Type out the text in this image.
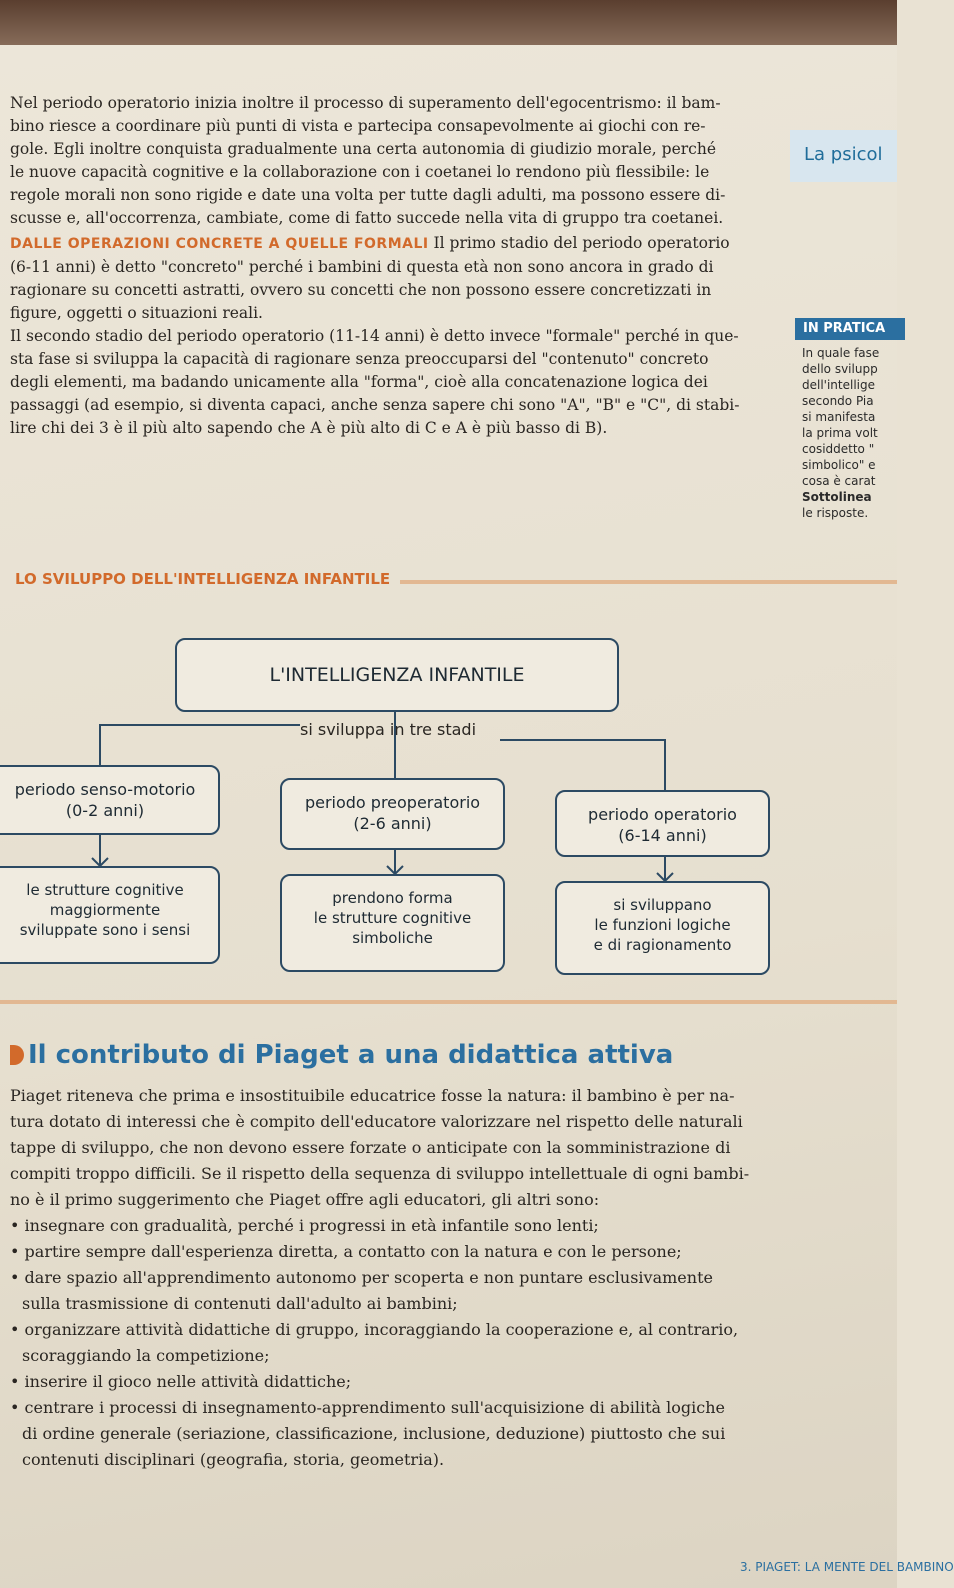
La psicol
Nel periodo operatorio inizia inoltre il processo di superamento dell'egocentrismo: il bam-
bino riesce a coordinare più punti di vista e partecipa consapevolmente ai giochi con re-
gole. Egli inoltre conquista gradualmente una certa autonomia di giudizio morale, perché
le nuove capacità cognitive e la collaborazione con i coetanei lo rendono più flessibile: le
regole morali non sono rigide e date una volta per tutte dagli adulti, ma possono essere di-
scusse e, all'occorrenza, cambiate, come di fatto succede nella vita di gruppo tra coetanei.
DALLE OPERAZIONI CONCRETE A QUELLE FORMALI Il primo stadio del periodo operatorio
(6-11 anni) è detto "concreto" perché i bambini di questa età non sono ancora in grado di
ragionare su concetti astratti, ovvero su concetti che non possono essere concretizzati in
figure, oggetti o situazioni reali.
Il secondo stadio del periodo operatorio (11-14 anni) è detto invece "formale" perché in que-
sta fase si sviluppa la capacità di ragionare senza preoccuparsi del "contenuto" concreto
degli elementi, ma badando unicamente alla "forma", cioè alla concatenazione logica dei
passaggi (ad esempio, si diventa capaci, anche senza sapere chi sono "A", "B" e "C", di stabi-
lire chi dei 3 è il più alto sapendo che A è più alto di C e A è più basso di B).
IN PRATICA
In quale fase
dello svilupp
dell'intellige
secondo Pia
si manifesta
la prima volt
cosiddetto "
simbolico" e
cosa è carat
Sottolinea
le risposte.
LO SVILUPPO DELL'INTELLIGENZA INFANTILE
L'INTELLIGENZA INFANTILE
si sviluppa in tre stadi
periodo senso-motorio
(0-2 anni)	periodo preoperatorio
(2-6 anni)	periodo operatorio
(6-14 anni)
le strutture cognitive
maggiormente
sviluppate sono i sensi
prendono forma
le strutture cognitive
simboliche
si sviluppano
le funzioni logiche
e di ragionamento
Il contributo di Piaget a una didattica attiva
Piaget riteneva che prima e insostituibile educatrice fosse la natura: il bambino è per na-
tura dotato di interessi che è compito dell'educatore valorizzare nel rispetto delle naturali
tappe di sviluppo, che non devono essere forzate o anticipate con la somministrazione di
compiti troppo difficili. Se il rispetto della sequenza di sviluppo intellettuale di ogni bambi-
no è il primo suggerimento che Piaget offre agli educatori, gli altri sono:
• insegnare con gradualità, perché i progressi in età infantile sono lenti;
• partire sempre dall'esperienza diretta, a contatto con la natura e con le persone;
• dare spazio all'apprendimento autonomo per scoperta e non puntare esclusivamente
sulla trasmissione di contenuti dall'adulto ai bambini;
• organizzare attività didattiche di gruppo, incoraggiando la cooperazione e, al contrario,
scoraggiando la competizione;
• inserire il gioco nelle attività didattiche;
• centrare i processi di insegnamento-apprendimento sull'acquisizione di abilità logiche
di ordine generale (seriazione, classificazione, inclusione, deduzione) piuttosto che sui
contenuti disciplinari (geografia, storia, geometria).
3. PIAGET: LA MENTE DEL BAMBINO
